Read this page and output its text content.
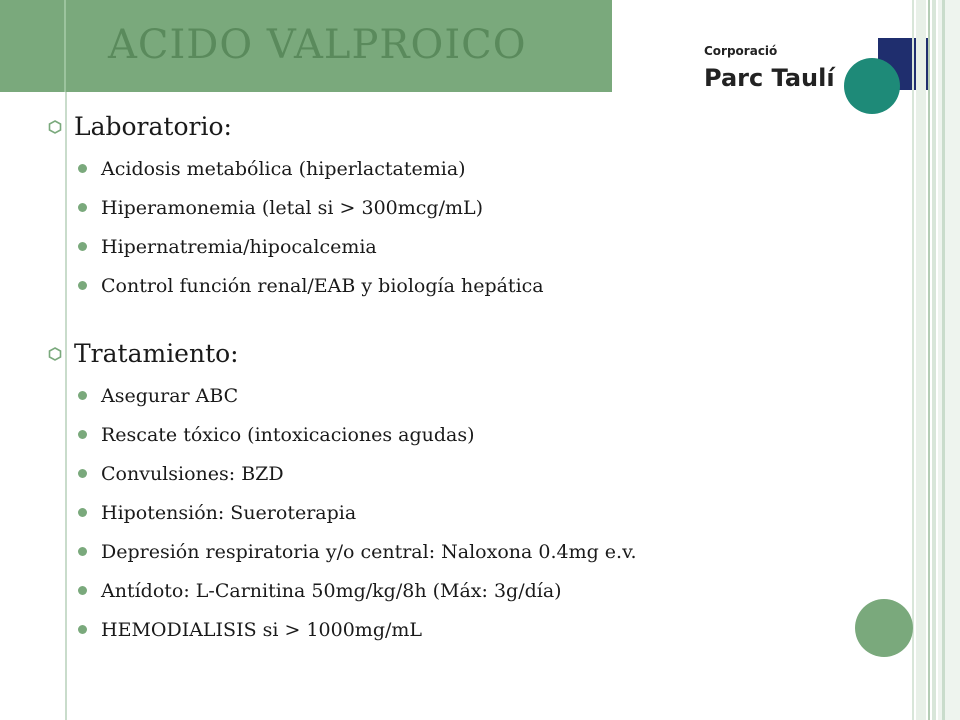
ACIDO VALPROICO	Corporació
Parc Taulí
Laboratorio:
Acidosis metabólica (hiperlactatemia)
Hiperamonemia (letal si > 300mcg/mL)
Hipernatremia/hipocalcemia
Control función renal/EAB y biología hepática
Tratamiento:
Asegurar ABC
Rescate tóxico (intoxicaciones agudas)
Convulsiones: BZD
Hipotensión: Sueroterapia
Depresión respiratoria y/o central: Naloxona 0.4mg e.v.
Antídoto: L-Carnitina 50mg/kg/8h (Máx: 3g/día)
HEMODIALISIS si > 1000mg/mL
